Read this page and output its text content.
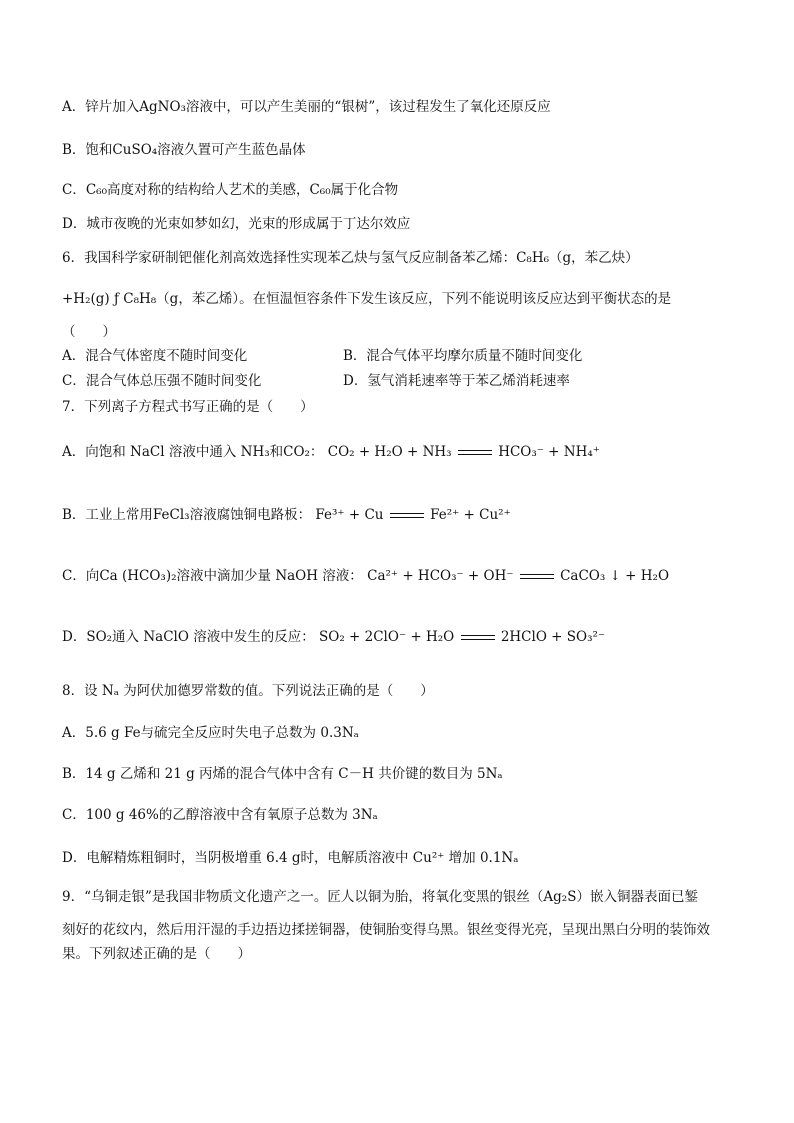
A．锌片加入AgNO₃溶液中，可以产生美丽的“银树”，该过程发生了氧化还原反应
B．饱和CuSO₄溶液久置可产生蓝色晶体
C．C₆₀高度对称的结构给人艺术的美感，C₆₀属于化合物
D．城市夜晚的光束如梦如幻，光束的形成属于丁达尔效应
6．我国科学家研制钯催化剂高效选择性实现苯乙炔与氢气反应制备苯乙烯：C₈H₆（g，苯乙炔）
+H₂(g) ƒ C₈H₈（g，苯乙烯）。在恒温恒容条件下发生该反应，下列不能说明该反应达到平衡状态的是
（　　）
A．混合气体密度不随时间变化	B．混合气体平均摩尔质量不随时间变化
C．混合气体总压强不随时间变化	D．氢气消耗速率等于苯乙烯消耗速率
7．下列离子方程式书写正确的是（　　）
A．向饱和 NaCl 溶液中通入 NH₃和CO₂： CO₂ + H₂O + NH₃	HCO₃⁻ + NH₄⁺
B．工业上常用FeCl₃溶液腐蚀铜电路板： Fe³⁺ + Cu	Fe²⁺ + Cu²⁺
C．向Ca (HCO₃)₂溶液中滴加少量 NaOH 溶液： Ca²⁺ + HCO₃⁻ + OH⁻	CaCO₃ ↓ + H₂O
D．SO₂通入 NaClO 溶液中发生的反应： SO₂ + 2ClO⁻ + H₂O	2HClO + SO₃²⁻
8．设 Nₐ 为阿伏加德罗常数的值。下列说法正确的是（　　）
A．5.6 g Fe与硫完全反应时失电子总数为 0.3Nₐ
B．14 g 乙烯和 21 g 丙烯的混合气体中含有 C－H 共价键的数目为 5Nₐ
C．100 g 46%的乙醇溶液中含有氧原子总数为 3Nₐ
D．电解精炼粗铜时，当阴极增重 6.4 g时，电解质溶液中 Cu²⁺ 增加 0.1Nₐ
9．“乌铜走银”是我国非物质文化遗产之一。匠人以铜为胎，将氧化变黑的银丝（Ag₂S）嵌入铜器表面已錾
刻好的花纹内，然后用汗湿的手边捂边揉搓铜器，使铜胎变得乌黑。银丝变得光亮，呈现出黑白分明的装饰效
果。下列叙述正确的是（　　）
